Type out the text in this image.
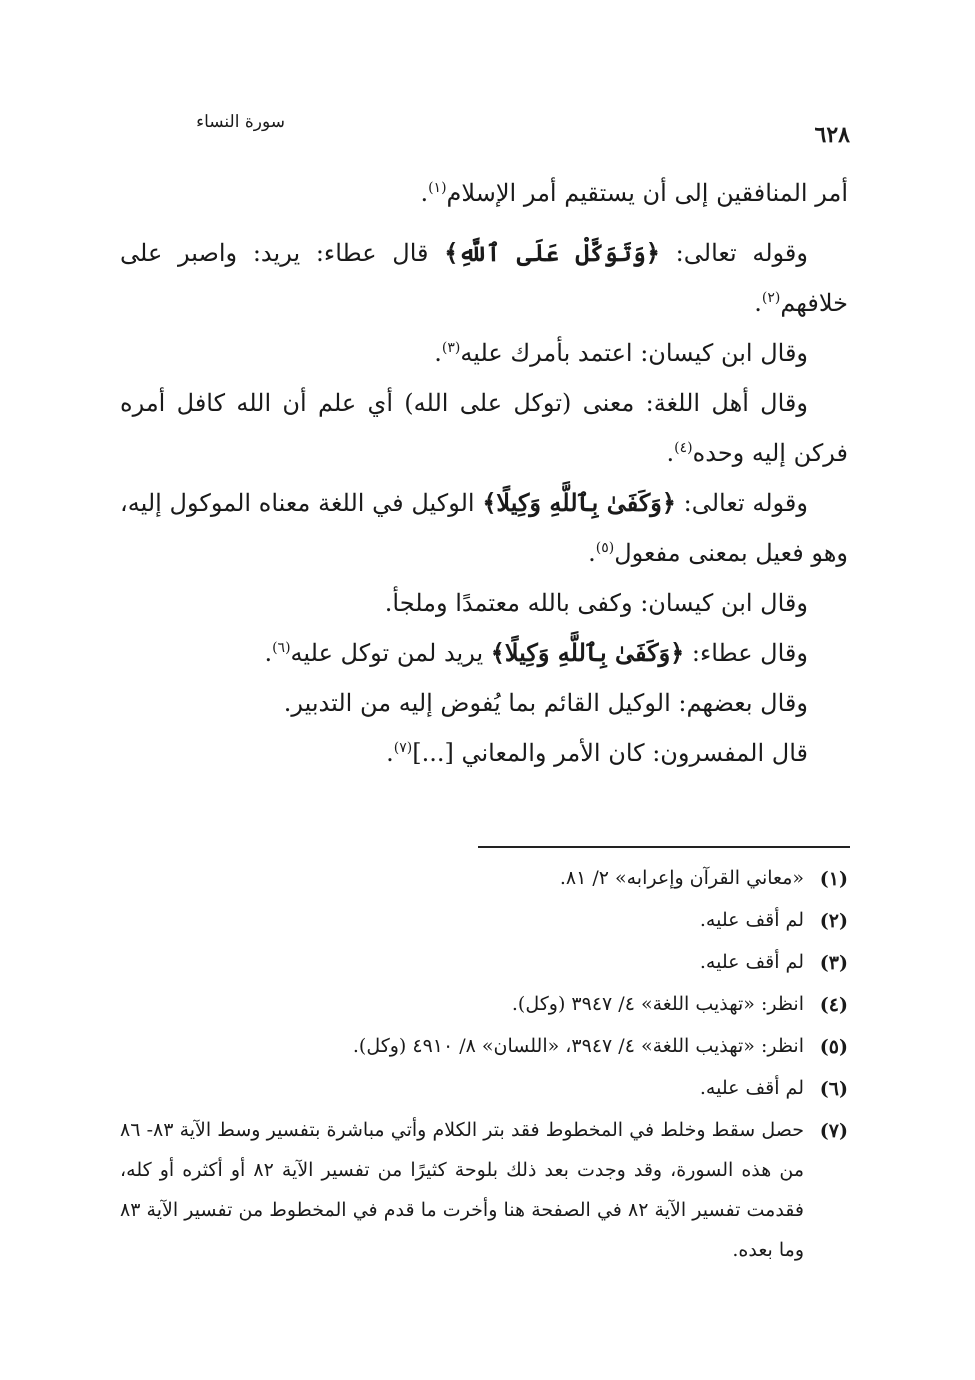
سورة النساء	٦٢٨

أمر المنافقين إلى أن يستقيم أمر الإسلام$^{(١)}$.

وقوله تعالى: ﴿وَتَوَكَّلْ عَلَى ٱللَّهِ﴾ قال عطاء: يريد: واصبر على خلافهم$^{(٢)}$.

وقال ابن كيسان: اعتمد بأمرك عليه$^{(٣)}$.

وقال أهل اللغة: معنى (توكل على الله) أي علم أن الله كافل أمره فركن إليه وحده$^{(٤)}$.

وقوله تعالى: ﴿وَكَفَىٰ بِٱللَّهِ وَكِيلًا﴾ الوكيل في اللغة معناه الموكول إليه، وهو فعيل بمعنى مفعول$^{(٥)}$.

وقال ابن كيسان: وكفى بالله معتمدًا وملجأ.

وقال عطاء: ﴿وَكَفَىٰ بِٱللَّهِ وَكِيلًا﴾ يريد لمن توكل عليه$^{(٦)}$.

وقال بعضهم: الوكيل القائم بما يُفوض إليه من التدبير.

قال المفسرون: كان الأمر والمعاني [...]$^{(٧)}$.

(١)
«معاني القرآن وإعرابه» ٢/ ٨١.
(٢)
لم أقف عليه.
(٣)
لم أقف عليه.
(٤)
انظر: «تهذيب اللغة» ٤/ ٣٩٤٧ (وكل).
(٥)
انظر: «تهذيب اللغة» ٤/ ٣٩٤٧، «اللسان» ٨/ ٤٩١٠ (وكل).
(٦)
لم أقف عليه.
(٧)
حصل سقط وخلط في المخطوط فقد بتر الكلام وأتي مباشرة بتفسير وسط الآية ٨٣- ٨٦ من هذه السورة، وقد وجدت بعد ذلك بلوحة كثيرًا من تفسير الآية ٨٢ أو أكثره أو كله، فقدمت تفسير الآية ٨٢ في الصفحة هنا وأخرت ما قدم في المخطوط من تفسير الآية ٨٣ وما بعده.
